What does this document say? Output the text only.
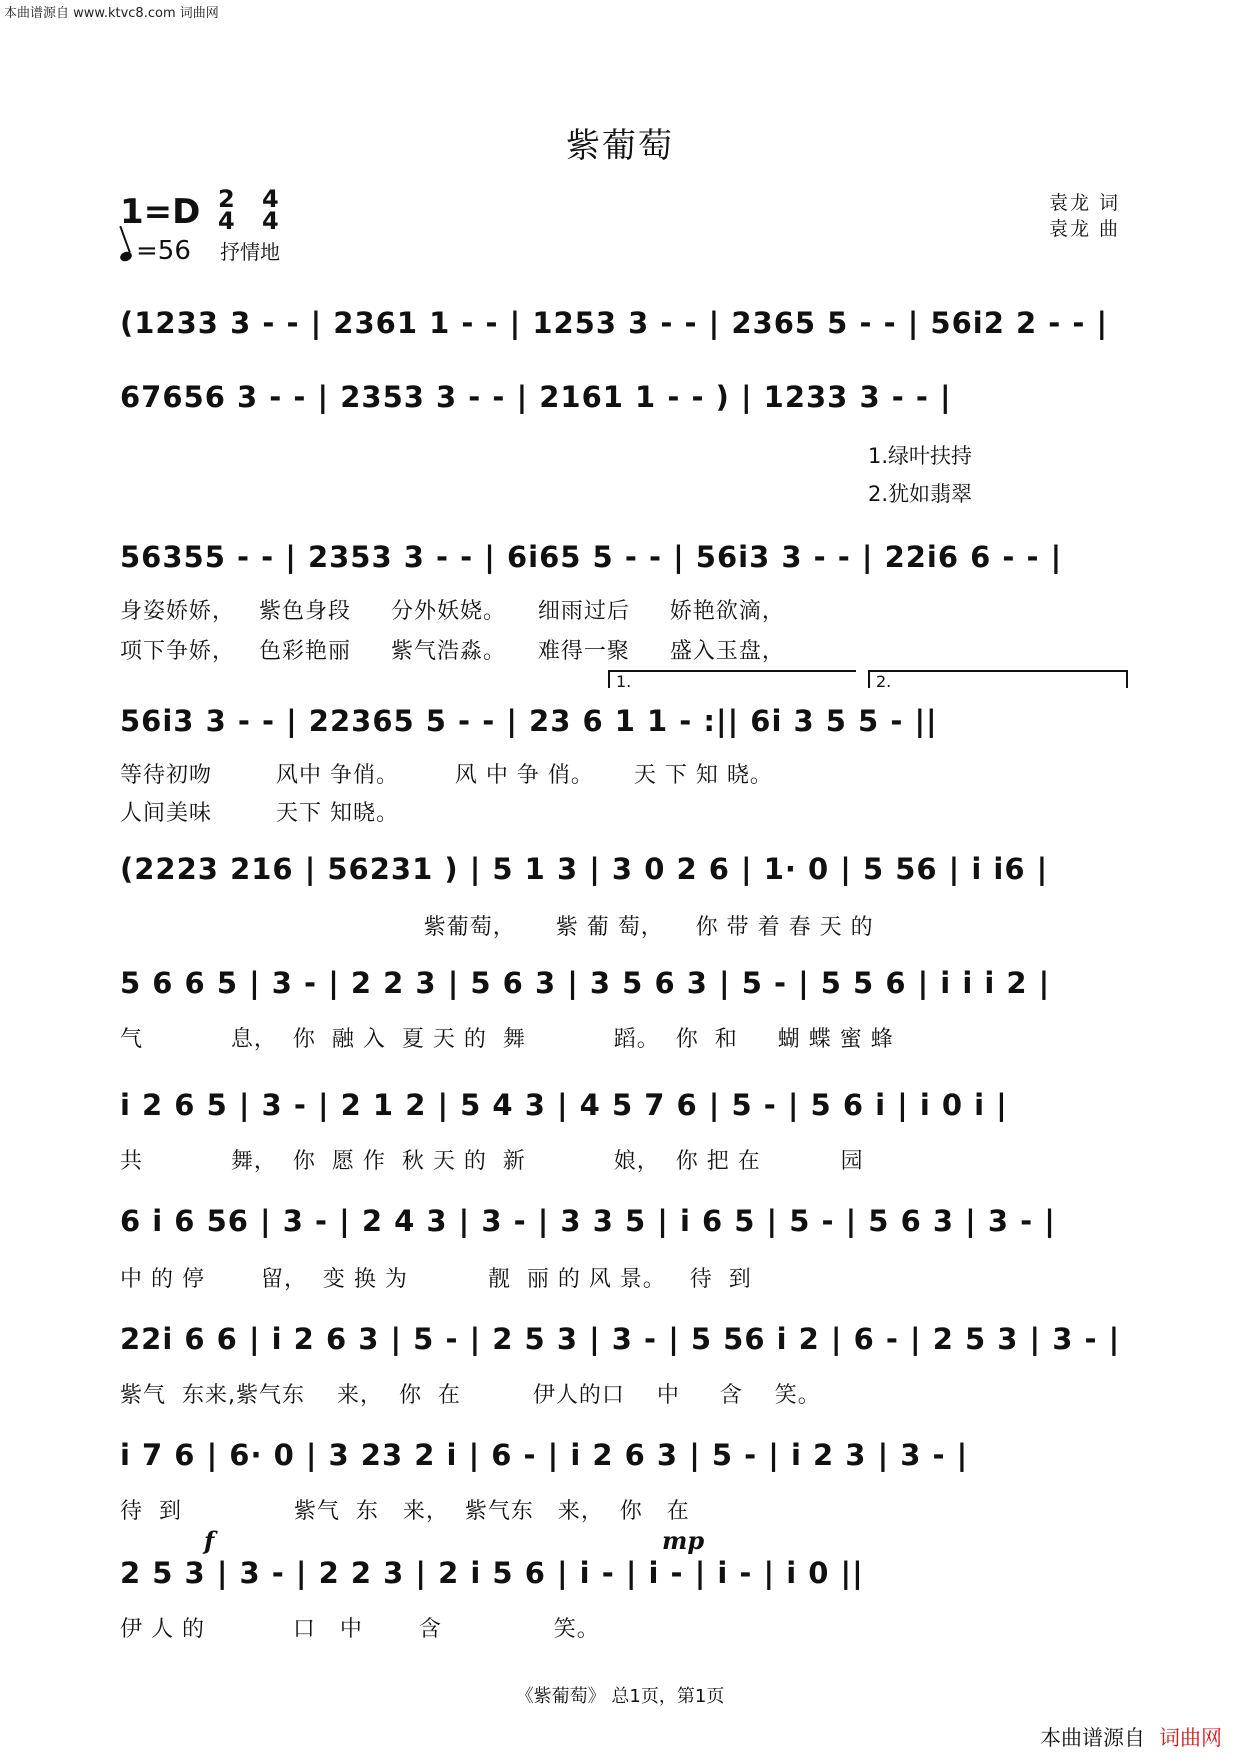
本曲谱源自 www.ktvc8.com 词曲网
紫葡萄
1=D 2
4
4
4
=56 抒情地
袁龙 词
袁龙 曲
(1233 3 - - | 2361 1 - - | 1253 3 - - | 2365 5 - - | 56i2 2 - - |
67656 3 - - | 2353 3 - - | 2161 1 - - ) | 1233 3 - - |
1.绿叶扶持
2.犹如翡翠
56355 - - | 2353 3 - - | 6i65 5 - - | 56i3 3 - - | 22i6 6 - - |
身姿娇娇，   紫色身段     分外妖娆。    细雨过后     娇艳欲滴，
项下争娇，   色彩艳丽     紫气浩淼。    难得一聚     盛入玉盘，
1.	2.
56i3 3 - - | 22365 5 - - | 23 6 1 1 - :|| 6i 3 5 5 - ||
等待初吻        风中 争俏。       风 中 争 俏。     天 下 知 晓。
人间美味        天下 知晓。
(2223 216 | 56231 ) | 5 1 3 | 3 0 2 6 | 1· 0 | 5 56 | i i6 |
紫葡萄，     紫 葡 萄，    你 带 着 春 天 的
5 6 6 5 | 3 - | 2 2 3 | 5 6 3 | 3 5 6 3 | 5 - | 5 5 6 | i i i 2 |
气           息，  你  融 入  夏 天 的  舞           蹈。  你  和     蝴 蝶 蜜 蜂
i 2 6 5 | 3 - | 2 1 2 | 5 4 3 | 4 5 7 6 | 5 - | 5 6 i | i 0 i |
共           舞，  你  愿 作  秋 天 的  新           娘，  你 把 在          园
6 i 6 56 | 3 - | 2 4 3 | 3 - | 3 3 5 | i 6 5 | 5 - | 5 6 3 | 3 - |
中 的 停       留，  变 换 为          靓  丽 的 风 景。   待  到
22i 6 6 | i 2 6 3 | 5 - | 2 5 3 | 3 - | 5 56 i 2 | 6 - | 2 5 3 | 3 - |
紫气  东来,紫气东    来，  你  在         伊人的口    中     含    笑。
i 7 6 | 6· 0 | 3 23 2 i | 6 - | i 2 6 3 | 5 - | i 2 3 | 3 - |
待  到              紫气  东   来，  紫气东   来，  你   在
f	mp
2 5 3 | 3 - | 2 2 3 | 2 i 5 6 | i - | i - | i - | i 0 ||
伊 人 的           口   中       含              笑。
《紫葡萄》 总1页，第1页
本曲谱源自 词曲网
